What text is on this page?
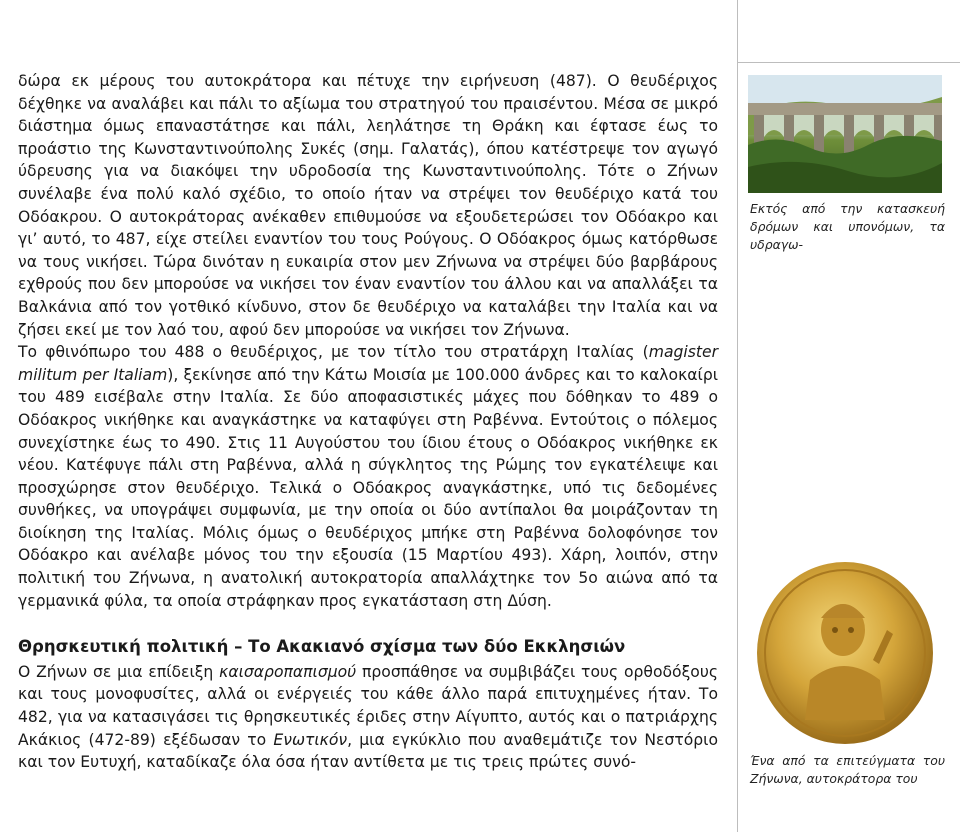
δώρα εκ μέρους του αυτοκράτορα και πέτυχε την ειρήνευση (487). Ο θευδέριχος δέχθηκε να αναλάβει και πάλι το αξίωμα του στρατηγού του πραισέντου. Μέσα σε μικρό διάστημα όμως επαναστάτησε και πάλι, λεηλάτησε τη Θράκη και έφτασε έως το προάστιο της Κωνσταντινούπολης Συκές (σημ. Γαλατάς), όπου κατέστρεψε τον αγωγό ύδρευσης για να διακόψει την υδροδοσία της Κωνσταντινούπολης. Τότε ο Ζήνων συνέλαβε ένα πολύ καλό σχέδιο, το οποίο ήταν να στρέψει τον θευδέριχο κατά του Οδόακρου. Ο αυτοκράτορας ανέκαθεν επιθυμούσε να εξουδετερώσει τον Οδόακρο και γι’ αυτό, το 487, είχε στείλει εναντίον του τους Ρούγους. Ο Οδόακρος όμως κατόρθωσε να τους νικήσει. Τώρα δινόταν η ευκαιρία στον μεν Ζήνωνα να στρέψει δύο βαρβάρους εχθρούς που δεν μπορούσε να νικήσει τον έναν εναντίον του άλλου και να απαλλάξει τα Βαλκάνια από τον γοτθικό κίνδυνο, στον δε θευδέριχο να καταλάβει την Ιταλία και να ζήσει εκεί με τον λαό του, αφού δεν μπορούσε να νικήσει τον Ζήνωνα.

Το φθινόπωρο του 488 ο θευδέριχος, με τον τίτλο του στρατάρχη Ιταλίας (magister militum per Italiam), ξεκίνησε από την Κάτω Μοισία με 100.000 άνδρες και το καλοκαίρι του 489 εισέβαλε στην Ιταλία. Σε δύο αποφασιστικές μάχες που δόθηκαν το 489 ο Οδόακρος νικήθηκε και αναγκάστηκε να καταφύγει στη Ραβέννα. Εντούτοις ο πόλεμος συνεχίστηκε έως το 490. Στις 11 Αυγούστου του ίδιου έτους ο Οδόακρος νικήθηκε εκ νέου. Κατέφυγε πάλι στη Ραβέννα, αλλά η σύγκλητος της Ρώμης τον εγκατέλειψε και προσχώρησε στον θευδέριχο. Τελικά ο Οδόακρος αναγκάστηκε, υπό τις δεδομένες συνθήκες, να υπογράψει συμφωνία, με την οποία οι δύο αντίπαλοι θα μοιράζονταν τη διοίκηση της Ιταλίας. Μόλις όμως ο θευδέριχος μπήκε στη Ραβέννα δολοφόνησε τον Οδόακρο και ανέλαβε μόνος του την εξουσία (15 Μαρτίου 493). Χάρη, λοιπόν, στην πολιτική του Ζήνωνα, η ανατολική αυτοκρατορία απαλλάχτηκε τον 5ο αιώνα από τα γερμανικά φύλα, τα οποία στράφηκαν προς εγκατάσταση στη Δύση.

Θρησκευτική πολιτική – Το Ακακιανό σχίσμα των δύο Εκκλησιών

Ο Ζήνων σε μια επίδειξη καισαροπαπισμού προσπάθησε να συμβιβάζει τους ορθοδόξους και τους μονοφυσίτες, αλλά οι ενέργειές του κάθε άλλο παρά επιτυχημένες ήταν. Το 482, για να κατασιγάσει τις θρησκευτικές έριδες στην Αίγυπτο, αυτός και ο πατριάρχης Ακάκιος (472-89) εξέδωσαν το Ενωτικόν, μια εγκύκλιο που αναθεμάτιζε τον Νεστόριο και τον Ευτυχή, καταδίκαζε όλα όσα ήταν αντίθετα με τις τρεις πρώτες συνό-

Εκτός από την κατασκευή δρόμων και υπονόμων, τα υδραγω-
Ένα από τα επιτεύγματα του Ζήνωνα, αυτοκράτορα του
